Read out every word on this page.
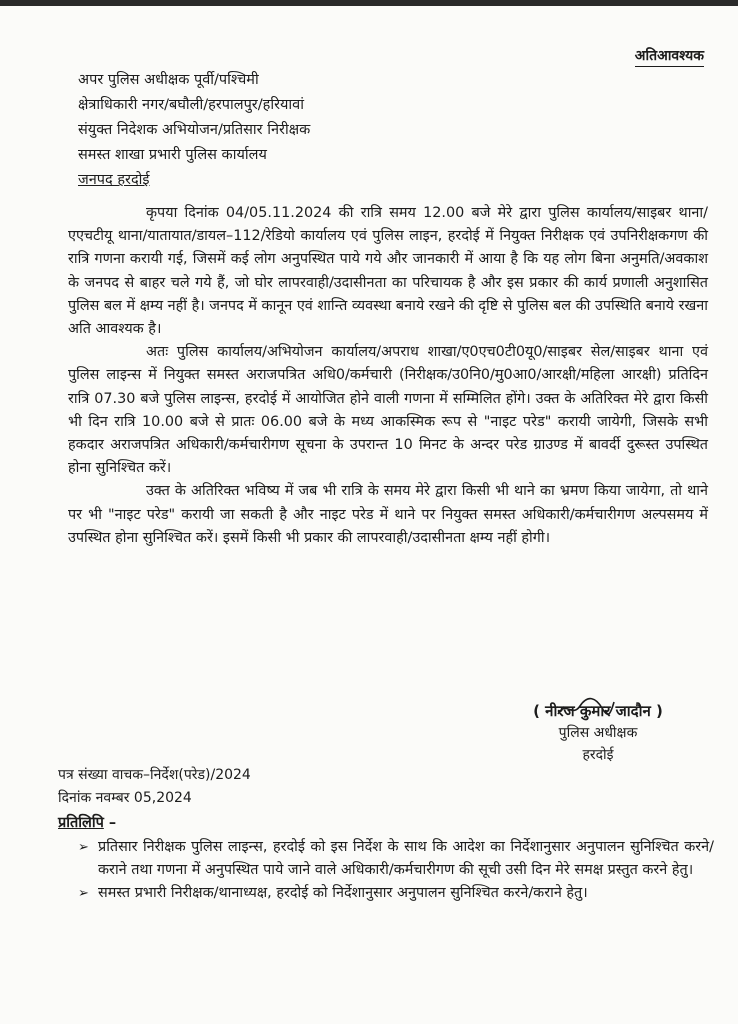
अतिआवश्यक
अपर पुलिस अधीक्षक पूर्वी/पश्चिमी
क्षेत्राधिकारी नगर/बघौली/हरपालपुर/हरियावां
संयुक्त निदेशक अभियोजन/प्रतिसार निरीक्षक
समस्त शाखा प्रभारी पुलिस कार्यालय
जनपद हरदोई

कृपया दिनांक 04/05.11.2024 की रात्रि समय 12.00 बजे मेरे द्वारा पुलिस कार्यालय/साइबर थाना/एएचटीयू थाना/यातायात/डायल–112/रेडियो कार्यालय एवं पुलिस लाइन, हरदोई में नियुक्त निरीक्षक एवं उपनिरीक्षकगण की रात्रि गणना करायी गई, जिसमें कई लोग अनुपस्थित पाये गये और जानकारी में आया है कि यह लोग बिना अनुमति/अवकाश के जनपद से बाहर चले गये हैं, जो घोर लापरवाही/उदासीनता का परिचायक है और इस प्रकार की कार्य प्रणाली अनुशासित पुलिस बल में क्षम्य नहीं है। जनपद में कानून एवं शान्ति व्यवस्था बनाये रखने की दृष्टि से पुलिस बल की उपस्थिति बनाये रखना अति आवश्यक है।

अतः पुलिस कार्यालय/अभियोजन कार्यालय/अपराध शाखा/ए0एच0टी0यू0/साइबर सेल/साइबर थाना एवं पुलिस लाइन्स में नियुक्त समस्त अराजपत्रित अधि0/कर्मचारी (निरीक्षक/उ0नि0/मु0आ0/आरक्षी/महिला आरक्षी) प्रतिदिन रात्रि 07.30 बजे पुलिस लाइन्स, हरदोई में आयोजित होने वाली गणना में सम्मिलित होंगे। उक्त के अतिरिक्त मेरे द्वारा किसी भी दिन रात्रि 10.00 बजे से प्रातः 06.00 बजे के मध्य आकस्मिक रूप से "नाइट परेड" करायी जायेगी, जिसके सभी हकदार अराजपत्रित अधिकारी/कर्मचारीगण सूचना के उपरान्त 10 मिनट के अन्दर परेड ग्राउण्ड में बावर्दी दुरूस्त उपस्थित होना सुनिश्चित करें।

उक्त के अतिरिक्त भविष्य में जब भी रात्रि के समय मेरे द्वारा किसी भी थाने का भ्रमण किया जायेगा, तो थाने पर भी "नाइट परेड" करायी जा सकती है और नाइट परेड में थाने पर नियुक्त समस्त अधिकारी/कर्मचारीगण अल्पसमय में उपस्थित होना सुनिश्चित करें। इसमें किसी भी प्रकार की लापरवाही/उदासीनता क्षम्य नहीं होगी।

( नीरज कुमार जादौन )
पुलिस अधीक्षक
हरदोई
पत्र संख्या वाचक–निर्देश(परेड)/2024
दिनांक नवम्बर 05,2024
प्रतिलिपि –
➢ प्रतिसार निरीक्षक पुलिस लाइन्स, हरदोई को इस निर्देश के साथ कि आदेश का निर्देशानुसार अनुपालन सुनिश्चित करने/कराने तथा गणना में अनुपस्थित पाये जाने वाले अधिकारी/कर्मचारीगण की सूची उसी दिन मेरे समक्ष प्रस्तुत करने हेतु।
➢ समस्त प्रभारी निरीक्षक/थानाध्यक्ष, हरदोई को निर्देशानुसार अनुपालन सुनिश्चित करने/कराने हेतु।
